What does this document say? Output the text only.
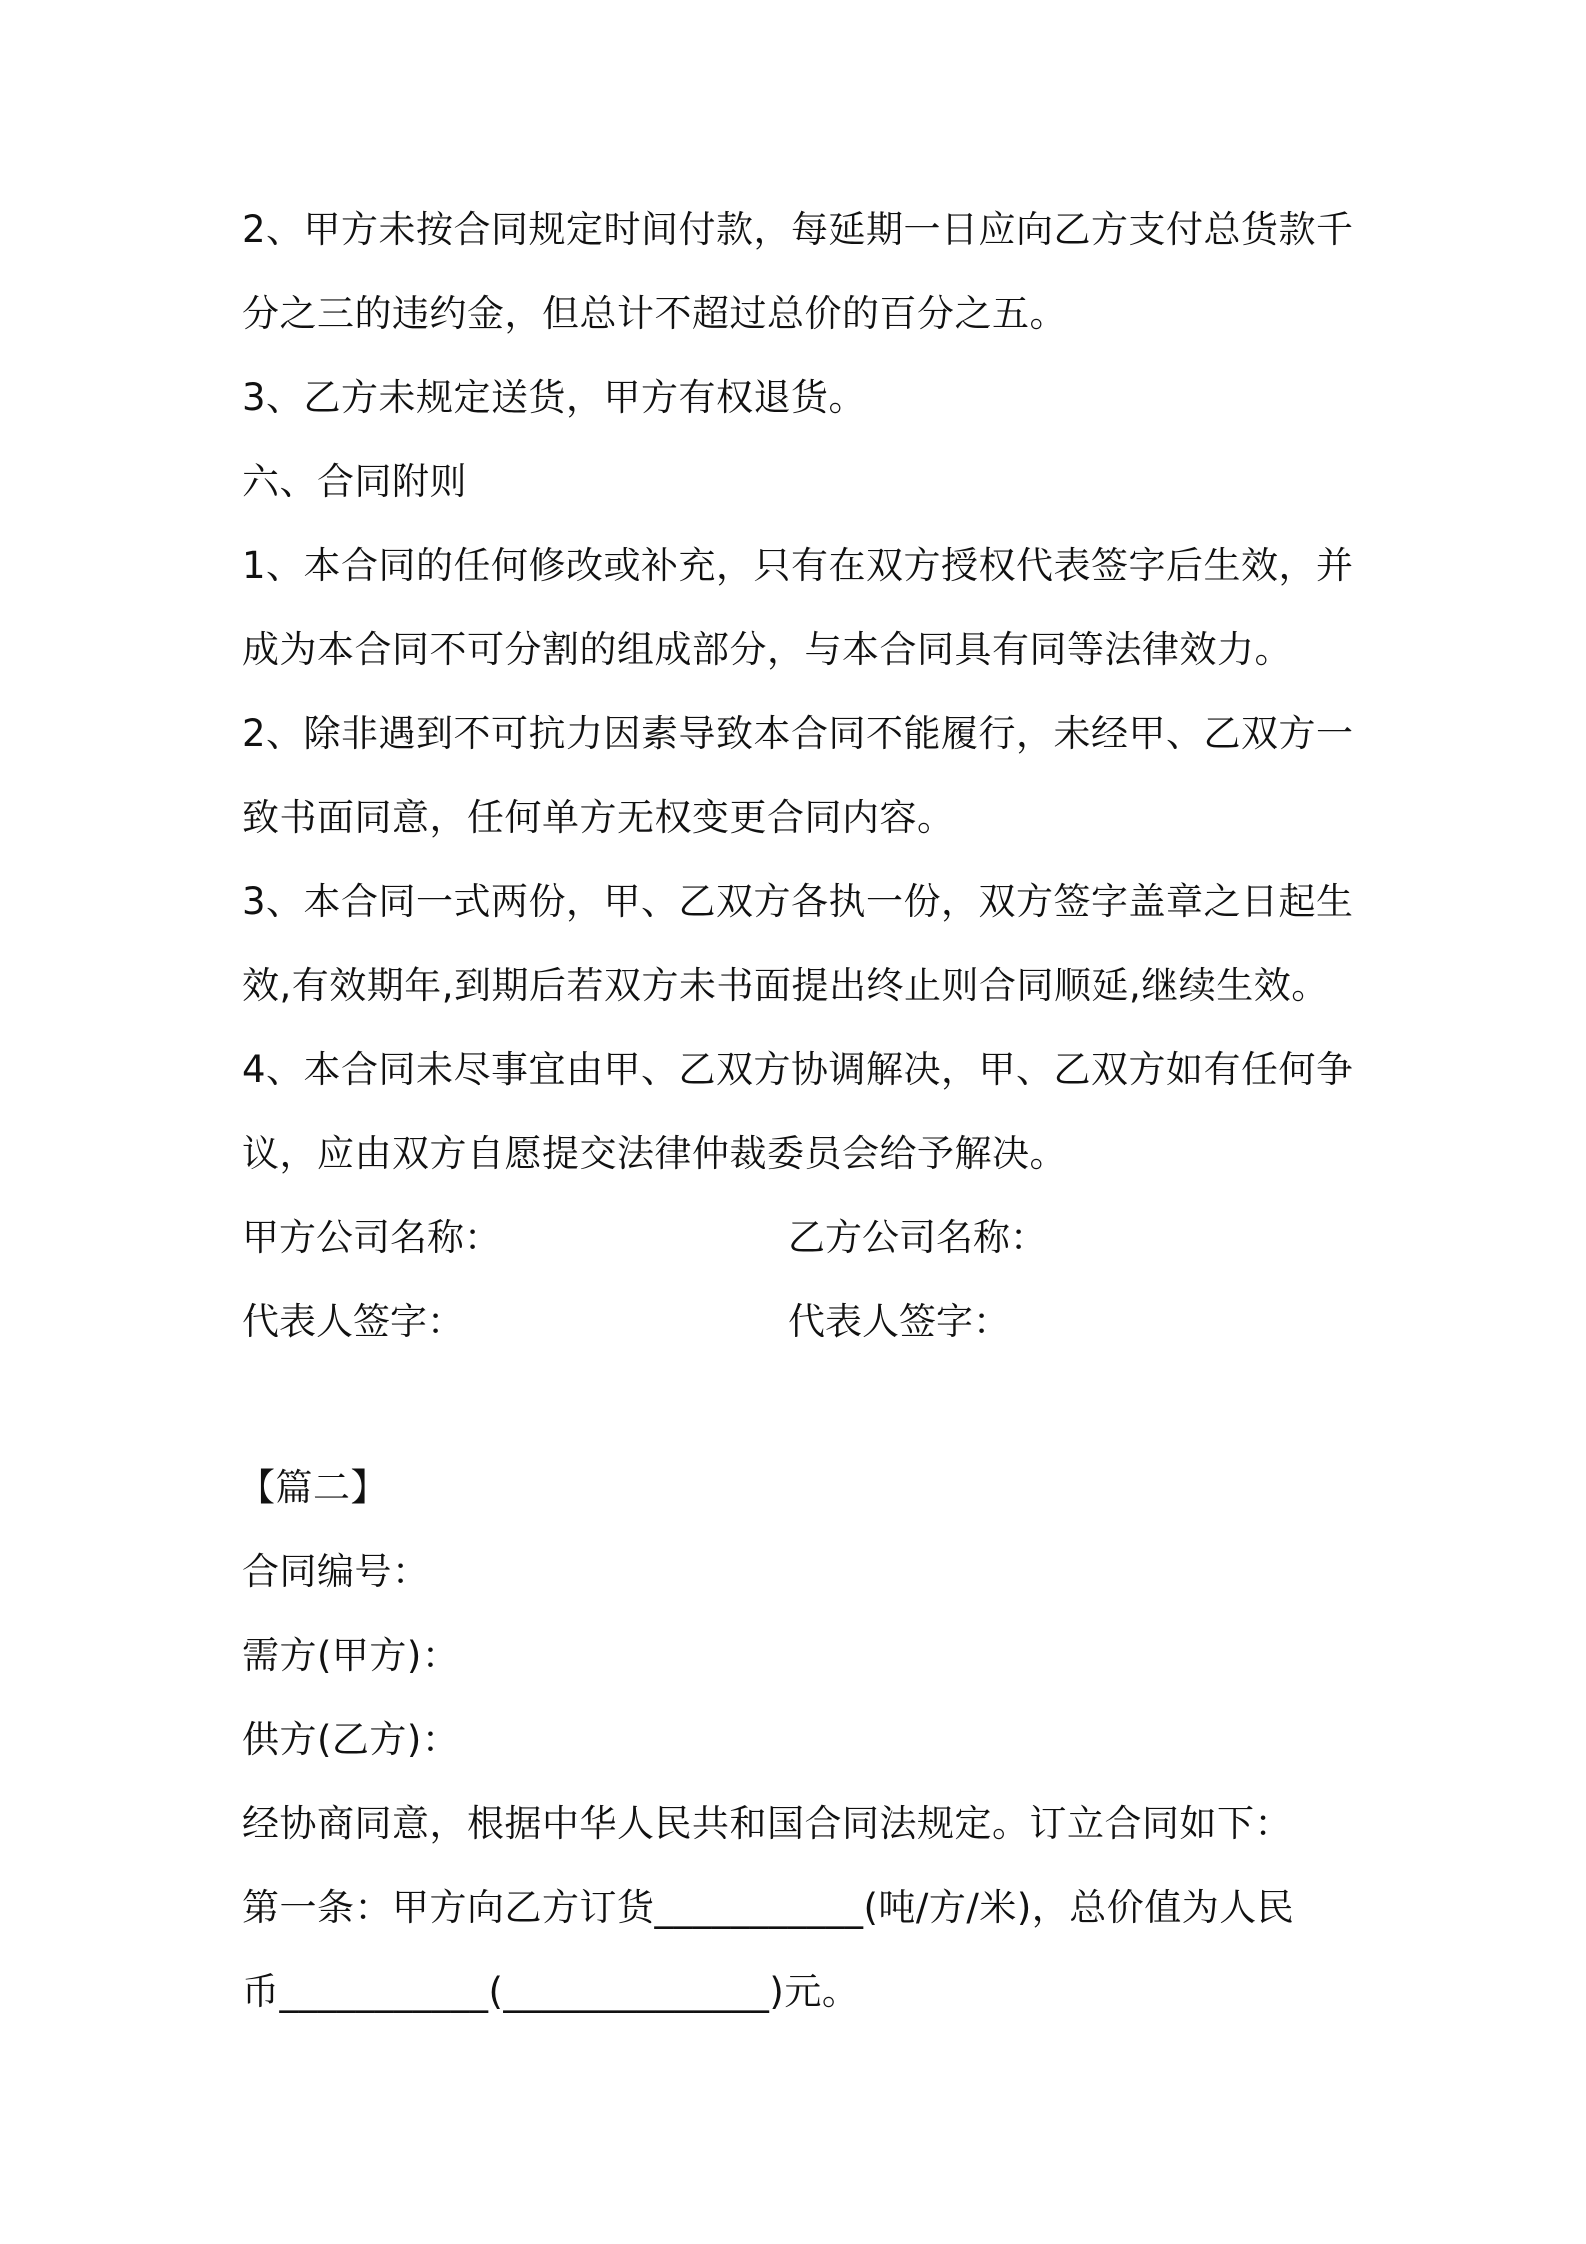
2、甲方未按合同规定时间付款，每延期一日应向乙方支付总货款千
分之三的违约金，但总计不超过总价的百分之五。
3、乙方未规定送货，甲方有权退货。
六、合同附则
1、本合同的任何修改或补充，只有在双方授权代表签字后生效，并
成为本合同不可分割的组成部分，与本合同具有同等法律效力。
2、除非遇到不可抗力因素导致本合同不能履行，未经甲、乙双方一
致书面同意，任何单方无权变更合同内容。
3、本合同一式两份，甲、乙双方各执一份，双方签字盖章之日起生
效,有效期年,到期后若双方未书面提出终止则合同顺延,继续生效。
4、本合同未尽事宜由甲、乙双方协调解决，甲、乙双方如有任何争
议，应由双方自愿提交法律仲裁委员会给予解决。
甲方公司名称：	乙方公司名称：
代表人签字：	代表人签字：
【篇二】
合同编号：
需方(甲方)：
供方(乙方)：
经协商同意，根据中华人民共和国合同法规定。订立合同如下：
第一条：甲方向乙方订货___________(吨/方/米)，总价值为人民
币___________(______________)元。
